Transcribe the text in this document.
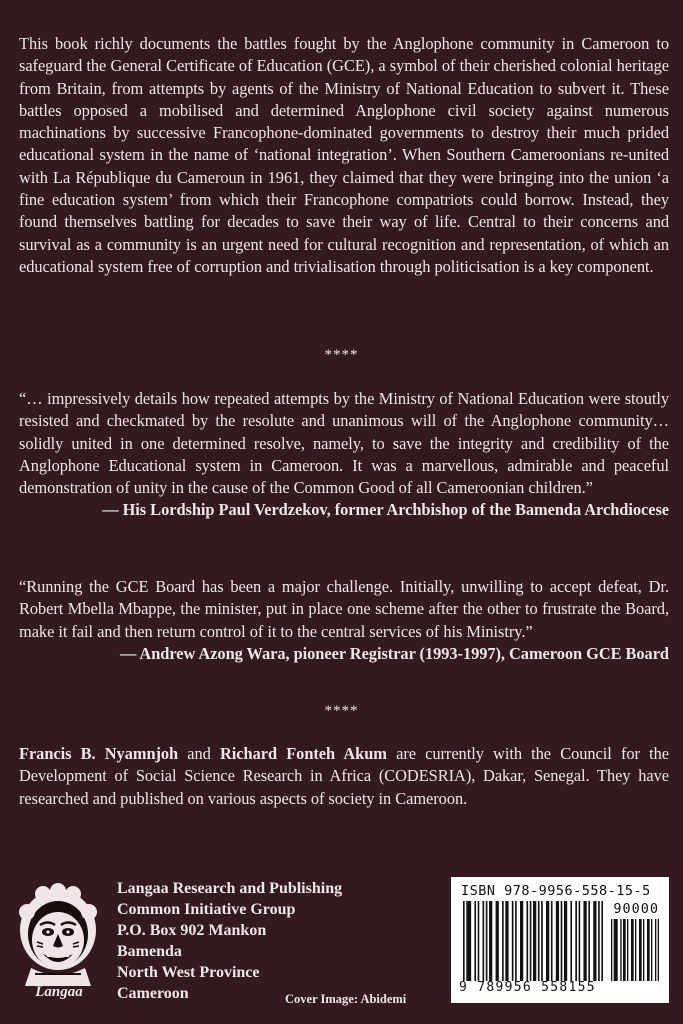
This book richly documents the battles fought by the Anglophone community in Cameroon to safeguard the General Certificate of Education (GCE), a symbol of their cherished colonial heritage from Britain, from attempts by agents of the Ministry of National Education to subvert it. These battles opposed a mobilised and determined Anglophone civil society against numerous machinations by successive Francophone-dominated governments to destroy their much prided educational system in the name of ‘national integration’. When Southern Cameroonians re-united with La République du Cameroun in 1961, they claimed that they were bringing into the union ‘a fine education system’ from which their Francophone compatriots could borrow. Instead, they found themselves battling for decades to save their way of life. Central to their concerns and survival as a community is an urgent need for cultural recognition and representation, of which an educational system free of corruption and trivialisation through politicisation is a key component.

****
“… impressively details how repeated attempts by the Ministry of National Education were stoutly resisted and checkmated by the resolute and unanimous will of the Anglophone community… solidly united in one determined resolve, namely, to save the integrity and credibility of the Anglophone Educational system in Cameroon. It was a marvellous, admirable and peaceful demonstration of unity in the cause of the Common Good of all Cameroonian children.”
— His Lordship Paul Verdzekov, former Archbishop of the Bamenda Archdiocese
“Running the GCE Board has been a major challenge. Initially, unwilling to accept defeat, Dr. Robert Mbella Mbappe, the minister, put in place one scheme after the other to frustrate the Board, make it fail and then return control of it to the central services of his Ministry.”
— Andrew Azong Wara, pioneer Registrar (1993-1997), Cameroon GCE Board
****

Francis B. Nyamnjoh and Richard Fonteh Akum are currently with the Council for the Development of Social Science Research in Africa (CODESRIA), Dakar, Senegal. They have researched and published on various aspects of society in Cameroon.

Langaa
Langaa Research and Publishing
Common Initiative Group
P.O. Box 902 Mankon
Bamenda
North West Province
Cameroon	Cover Image: Abidemi
ISBN 978-9956-558-15-5
90000
9 789956 558155
